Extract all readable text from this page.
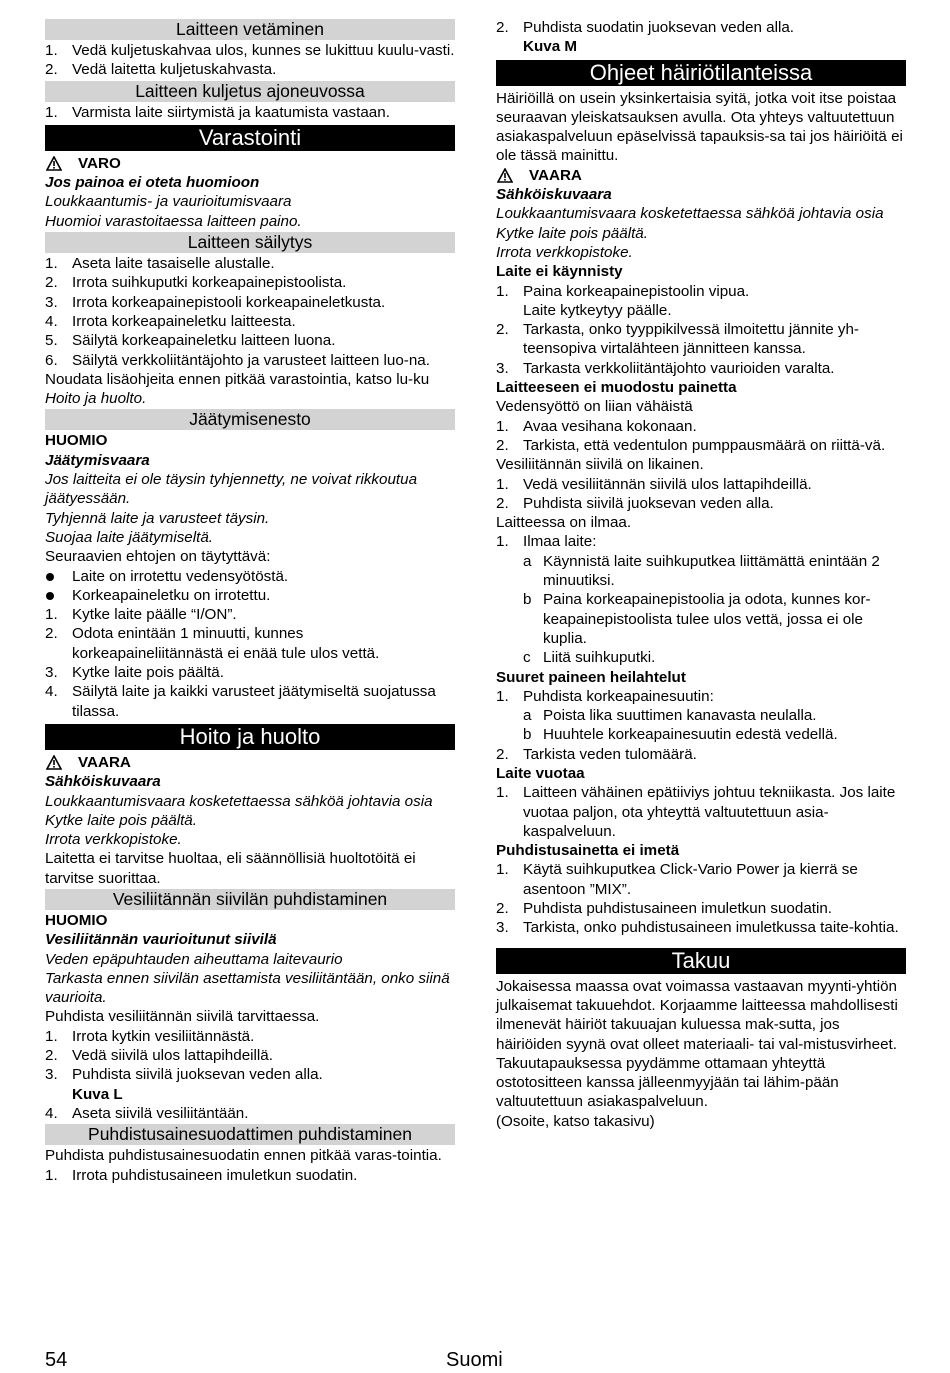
Laitteen vetäminen
1. Vedä kuljetuskahvaa ulos, kunnes se lukittuu kuulu-vasti.
2. Vedä laitetta kuljetuskahvasta.
Laitteen kuljetus ajoneuvossa
1. Varmista laite siirtymistä ja kaatumista vastaan.
Varastointi
VARO
Jos painoa ei oteta huomioon
Loukkaantumis- ja vaurioitumisvaara
Huomioi varastoitaessa laitteen paino.
Laitteen säilytys
1. Aseta laite tasaiselle alustalle.
2. Irrota suihkuputki korkeapainepistoolista.
3. Irrota korkeapainepistooli korkeapaineletkusta.
4. Irrota korkeapaineletku laitteesta.
5. Säilytä korkeapaineletku laitteen luona.
6. Säilytä verkkoliitäntäjohto ja varusteet laitteen luo-na.
Noudata lisäohjeita ennen pitkää varastointia, katso lu-ku  Hoito ja huolto.
Jäätymisenesto
HUOMIO
Jäätymisvaara
Jos laitteita ei ole täysin tyhjennetty, ne voivat rikkoutua jäätyessään.
Tyhjennä laite ja varusteet täysin.
Suojaa laite jäätymiseltä.
Seuraavien ehtojen on täytyttävä:
Laite on irrotettu vedensyötöstä.
Korkeapaineletku on irrotettu.
1. Kytke laite päälle “I/ON”.
2. Odota enintään 1 minuutti, kunnes korkeapaineliitännästä ei enää tule ulos vettä.
3. Kytke laite pois päältä.
4. Säilytä laite ja kaikki varusteet jäätymiseltä suojatussa tilassa.
Hoito ja huolto
VAARA
Sähköiskuvaara
Loukkaantumisvaara kosketettaessa sähköä johtavia osia
Kytke laite pois päältä.
Irrota verkkopistoke.
Laitetta ei tarvitse huoltaa, eli säännöllisiä huoltotöitä ei tarvitse suorittaa.
Vesiliitännän siivilän puhdistaminen
HUOMIO
Vesiliitännän vaurioitunut siivilä
Veden epäpuhtauden aiheuttama laitevaurio
Tarkasta ennen siivilän asettamista vesiliitäntään, onko siinä vaurioita.
Puhdista vesiliitännän siivilä tarvittaessa.
1. Irrota kytkin vesiliitännästä.
2. Vedä siivilä ulos lattapihdeillä.
3. Puhdista siivilä juoksevan veden alla.
Kuva L
4. Aseta siivilä vesiliitäntään.
Puhdistusainesuodattimen puhdistaminen
Puhdista puhdistusainesuodatin ennen pitkää varas-tointia.
1. Irrota puhdistusaineen imuletkun suodatin.
2. Puhdista suodatin juoksevan veden alla.
Kuva M
Ohjeet häiriötilanteissa
Häiriöillä on usein yksinkertaisia syitä, jotka voit itse poistaa seuraavan yleiskatsauksen avulla. Ota yhteys valtuutettuun asiakaspalveluun epäselvissä tapauksis-sa tai jos häiriöitä ei ole tässä mainittu.
VAARA
Sähköiskuvaara
Loukkaantumisvaara kosketettaessa sähköä johtavia osia
Kytke laite pois päältä.
Irrota verkkopistoke.
Laite ei käynnisty
1. Paina korkeapainepistoolin vipua.
Laite kytkeytyy päälle.
2. Tarkasta, onko tyyppikilvessä ilmoitettu jännite yh-teensopiva virtalähteen jännitteen kanssa.
3. Tarkasta verkkoliitäntäjohto vaurioiden varalta.
Laitteeseen ei muodostu painetta
Vedensyöttö on liian vähäistä
1. Avaa vesihana kokonaan.
2. Tarkista, että vedentulon pumppausmäärä on riittä-vä.
Vesiliitännän siivilä on likainen.
1. Vedä vesiliitännän siivilä ulos lattapihdeillä.
2. Puhdista siivilä juoksevan veden alla.
Laitteessa on ilmaa.
1. Ilmaa laite:
a Käynnistä laite suihkuputkea liittämättä enintään 2 minuutiksi.
b Paina korkeapainepistoolia ja odota, kunnes kor-keapainepistoolista tulee ulos vettä, jossa ei ole kuplia.
c Liitä suihkuputki.
Suuret paineen heilahtelut
1. Puhdista korkeapainesuutin:
a Poista lika suuttimen kanavasta neulalla.
b Huuhtele korkeapainesuutin edestä vedellä.
2. Tarkista veden tulomäärä.
Laite vuotaa
1. Laitteen vähäinen epätiiviys johtuu tekniikasta. Jos laite vuotaa paljon, ota yhteyttä valtuutettuun asia-kaspalveluun.
Puhdistusainetta ei imetä
1. Käytä suihkuputkea Click-Vario Power ja kierrä se asentoon ”MIX”.
2. Puhdista puhdistusaineen imuletkun suodatin.
3. Tarkista, onko puhdistusaineen imuletkussa taite-kohtia.
Takuu
Jokaisessa maassa ovat voimassa vastaavan myynti-yhtiön julkaisemat takuuehdot. Korjaamme laitteessa mahdollisesti ilmenevät häiriöt takuuajan kuluessa mak-sutta, jos häiriöiden syynä ovat olleet materiaali- tai val-mistusvirheet. Takuutapauksessa pyydämme ottamaan yhteyttä ostotositteen kanssa jälleenmyyjään tai lähim-pään valtuutettuun asiakaspalveluun.
(Osoite, katso takasivu)
54	Suomi
